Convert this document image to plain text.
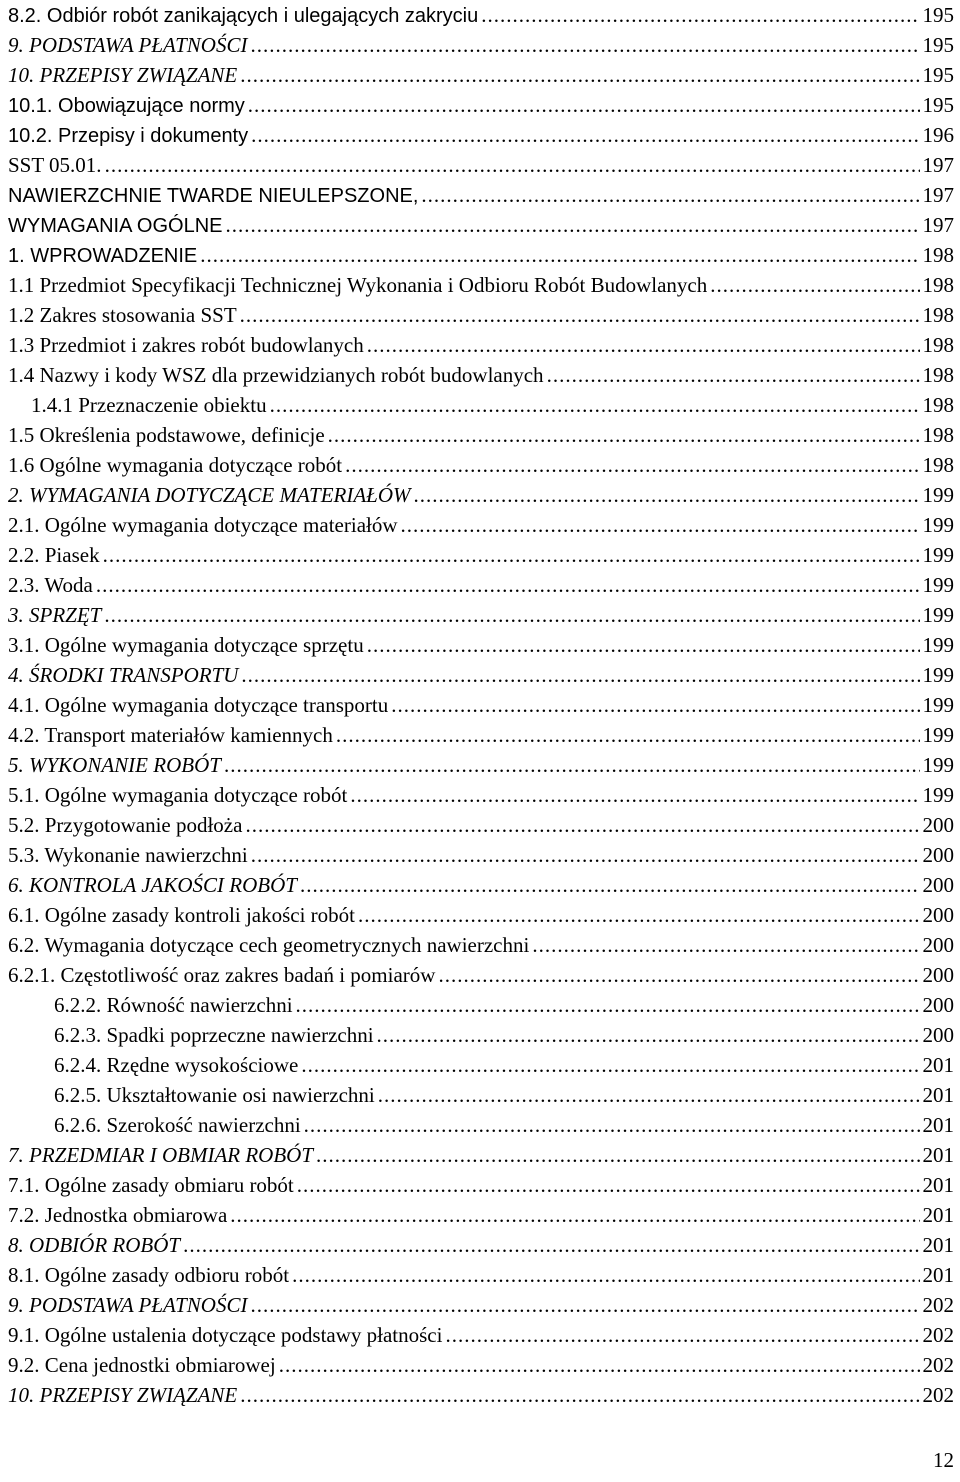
8.2. Odbiór robót zanikających i ulegających zakryciu .....	195
9. PODSTAWA PŁATNOŚCI .....	195
10. PRZEPISY ZWIĄZANE .....	195
10.1. Obowiązujące normy .....	195
10.2. Przepisy i dokumenty .....	196
SST 05.01. .....	197
NAWIERZCHNIE TWARDE NIEULEPSZONE, .....	197
WYMAGANIA OGÓLNE .....	197
1. WPROWADZENIE .....	198
1.1 Przedmiot Specyfikacji Technicznej Wykonania i Odbioru Robót Budowlanych .....	198
1.2 Zakres stosowania SST .....	198
1.3 Przedmiot i zakres robót budowlanych .....	198
1.4 Nazwy i kody WSZ dla przewidzianych robót budowlanych .....	198
1.4.1 Przeznaczenie obiektu .....	198
1.5 Określenia podstawowe, definicje .....	198
1.6 Ogólne wymagania dotyczące robót .....	198
2. WYMAGANIA DOTYCZĄCE MATERIAŁÓW .....	199
2.1. Ogólne wymagania dotyczące materiałów .....	199
2.2. Piasek .....	199
2.3. Woda .....	199
3. SPRZĘT .....	199
3.1. Ogólne wymagania dotyczące sprzętu .....	199
4. ŚRODKI TRANSPORTU .....	199
4.1. Ogólne wymagania dotyczące transportu .....	199
4.2. Transport materiałów kamiennych .....	199
5. WYKONANIE ROBÓT .....	199
5.1. Ogólne wymagania dotyczące robót .....	199
5.2. Przygotowanie podłoża .....	200
5.3. Wykonanie nawierzchni .....	200
6. KONTROLA JAKOŚCI ROBÓT .....	200
6.1. Ogólne zasady kontroli jakości robót .....	200
6.2. Wymagania dotyczące cech geometrycznych nawierzchni .....	200
6.2.1. Częstotliwość oraz zakres badań i pomiarów .....	200
6.2.2. Równość nawierzchni .....	200
6.2.3. Spadki poprzeczne nawierzchni .....	200
6.2.4. Rzędne wysokościowe .....	201
6.2.5. Ukształtowanie osi nawierzchni .....	201
6.2.6. Szerokość nawierzchni .....	201
7. PRZEDMIAR I OBMIAR ROBÓT .....	201
7.1. Ogólne zasady obmiaru robót .....	201
7.2. Jednostka obmiarowa .....	201
8. ODBIÓR ROBÓT .....	201
8.1. Ogólne zasady odbioru robót .....	201
9. PODSTAWA PŁATNOŚCI .....	202
9.1. Ogólne ustalenia dotyczące podstawy płatności .....	202
9.2. Cena jednostki obmiarowej .....	202
10. PRZEPISY ZWIĄZANE .....	202
12
